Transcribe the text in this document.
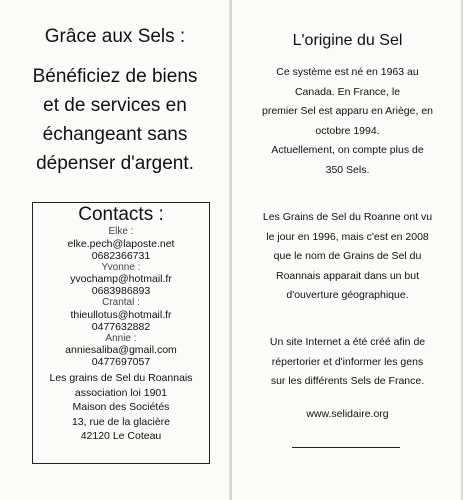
Grâce aux Sels :
Bénéficiez de biens
et de services en
échangeant sans
dépenser d'argent.
Contacts :
Elke :
elke.pech@laposte.net
0682366731
Yvonne :
yvochamp@hotmail.fr
0683986893
Crantal :
thieullotus@hotmail.fr
0477632882
Annie :
anniesaliba@gmail.com
0477697057
Les grains de Sel du Roannais
association loi 1901
Maison des Sociétés
13, rue de la glacière
42120 Le Coteau
L'origine du Sel
Ce système est né en 1963 au
Canada. En France, le
premier Sel est apparu en Ariège, en
octobre 1994.
Actuellement, on compte plus de
350 Sels.
Les Grains de Sel du Roanne ont vu
le jour en 1996, mais c'est en 2008
que le nom de Grains de Sel du
Roannais apparait dans un but
d'ouverture géographique.
Un site Internet a été créé afin de
répertorier et d'informer les gens
sur les différents Sels de France.
www.selidaire.org
